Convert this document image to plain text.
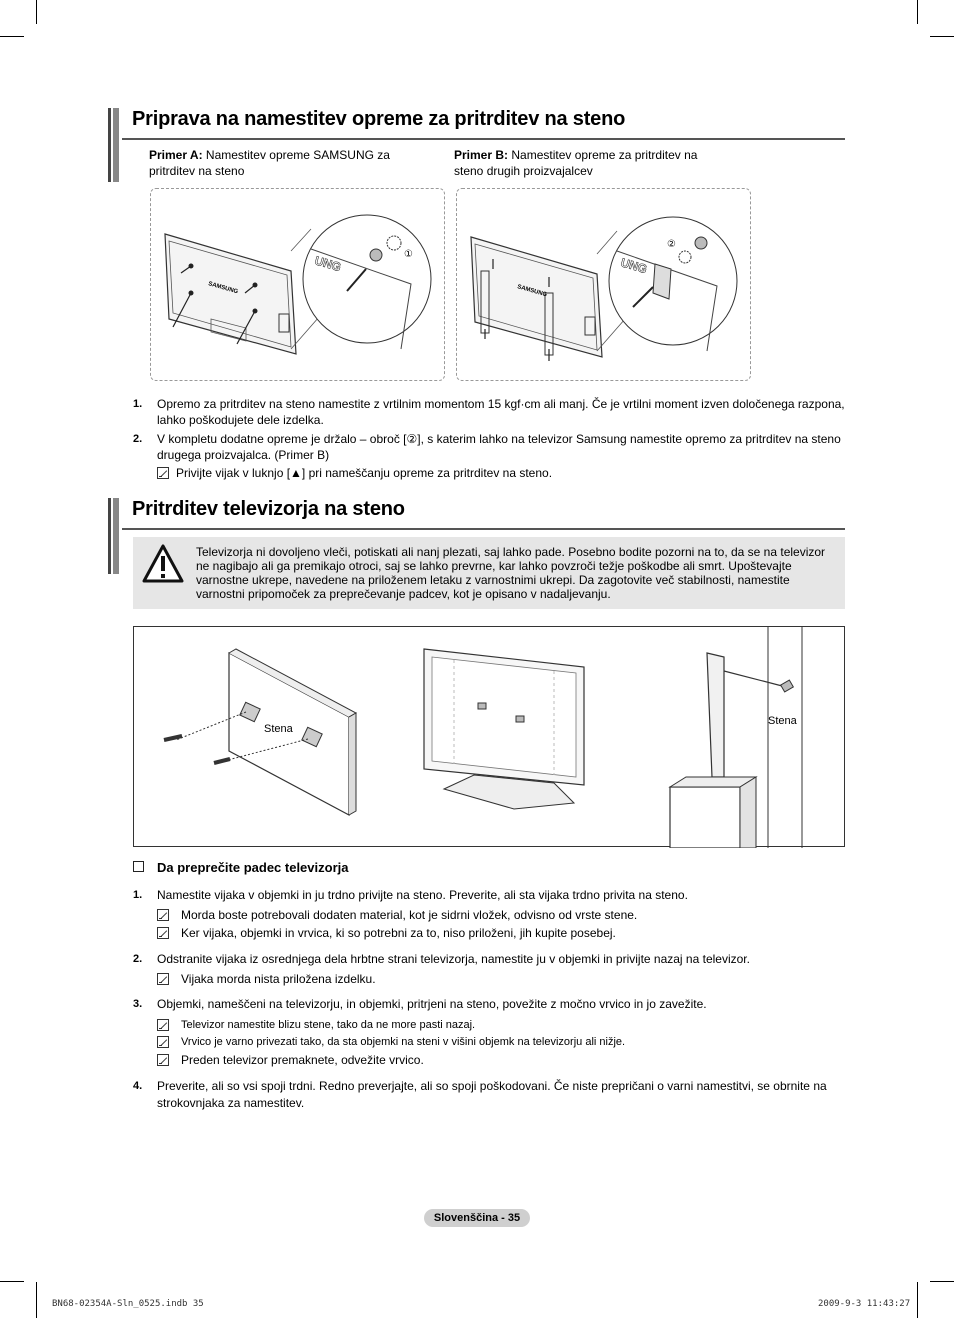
Priprava na namestitev opreme za pritrditev na steno
Primer A: Namestitev opreme SAMSUNG za pritrditev na steno
Primer B: Namestitev opreme za pritrditev na steno drugih proizvajalcev
SAMSUNG
UNG	①
SAMSUNG
UNG
②
1. Opremo za pritrditev na steno namestite z vrtilnim momentom 15 kgf·cm ali manj. Če je vrtilni moment izven določenega razpona, lahko poškodujete dele izdelka.
2. V kompletu dodatne opreme je držalo – obroč [②], s katerim lahko na televizor Samsung namestite opremo za pritrditev na steno drugega proizvajalca. (Primer B)
Privijte vijak v luknjo [▲] pri nameščanju opreme za pritrditev na steno.
Pritrditev televizorja na steno
Televizorja ni dovoljeno vleči, potiskati ali nanj plezati, saj lahko pade. Posebno bodite pozorni na to, da se na televizor ne nagibajo ali ga premikajo otroci, saj se lahko prevrne, kar lahko povzroči težje poškodbe ali smrt. Upoštevajte varnostne ukrepe, navedene na priloženem letaku z varnostnimi ukrepi. Da zagotovite več stabilnosti, namestite varnostni pripomoček za preprečevanje padcev, kot je opisano v nadaljevanju.
Stena
Stena
Da preprečite padec televizorja
1. Namestite vijaka v objemki in ju trdno privijte na steno. Preverite, ali sta vijaka trdno privita na steno.
Morda boste potrebovali dodaten material, kot je sidrni vložek, odvisno od vrste stene.
Ker vijaka, objemki in vrvica, ki so potrebni za to, niso priloženi, jih kupite posebej.
2. Odstranite vijaka iz osrednjega dela hrbtne strani televizorja, namestite ju v objemki in privijte nazaj na televizor.
Vijaka morda nista priložena izdelku.
3. Objemki, nameščeni na televizorju, in objemki, pritrjeni na steno, povežite z močno vrvico in jo zavežite.
Televizor namestite blizu stene, tako da ne more pasti nazaj.
Vrvico je varno privezati tako, da sta objemki na steni v višini objemk na televizorju ali nižje.
Preden televizor premaknete, odvežite vrvico.
4. Preverite, ali so vsi spoji trdni. Redno preverjajte, ali so spoji poškodovani. Če niste prepričani o varni namestitvi, se obrnite na strokovnjaka za namestitev.
Slovenščina - 35
BN68-02354A-Sln_0525.indb 35	2009-9-3 11:43:27
